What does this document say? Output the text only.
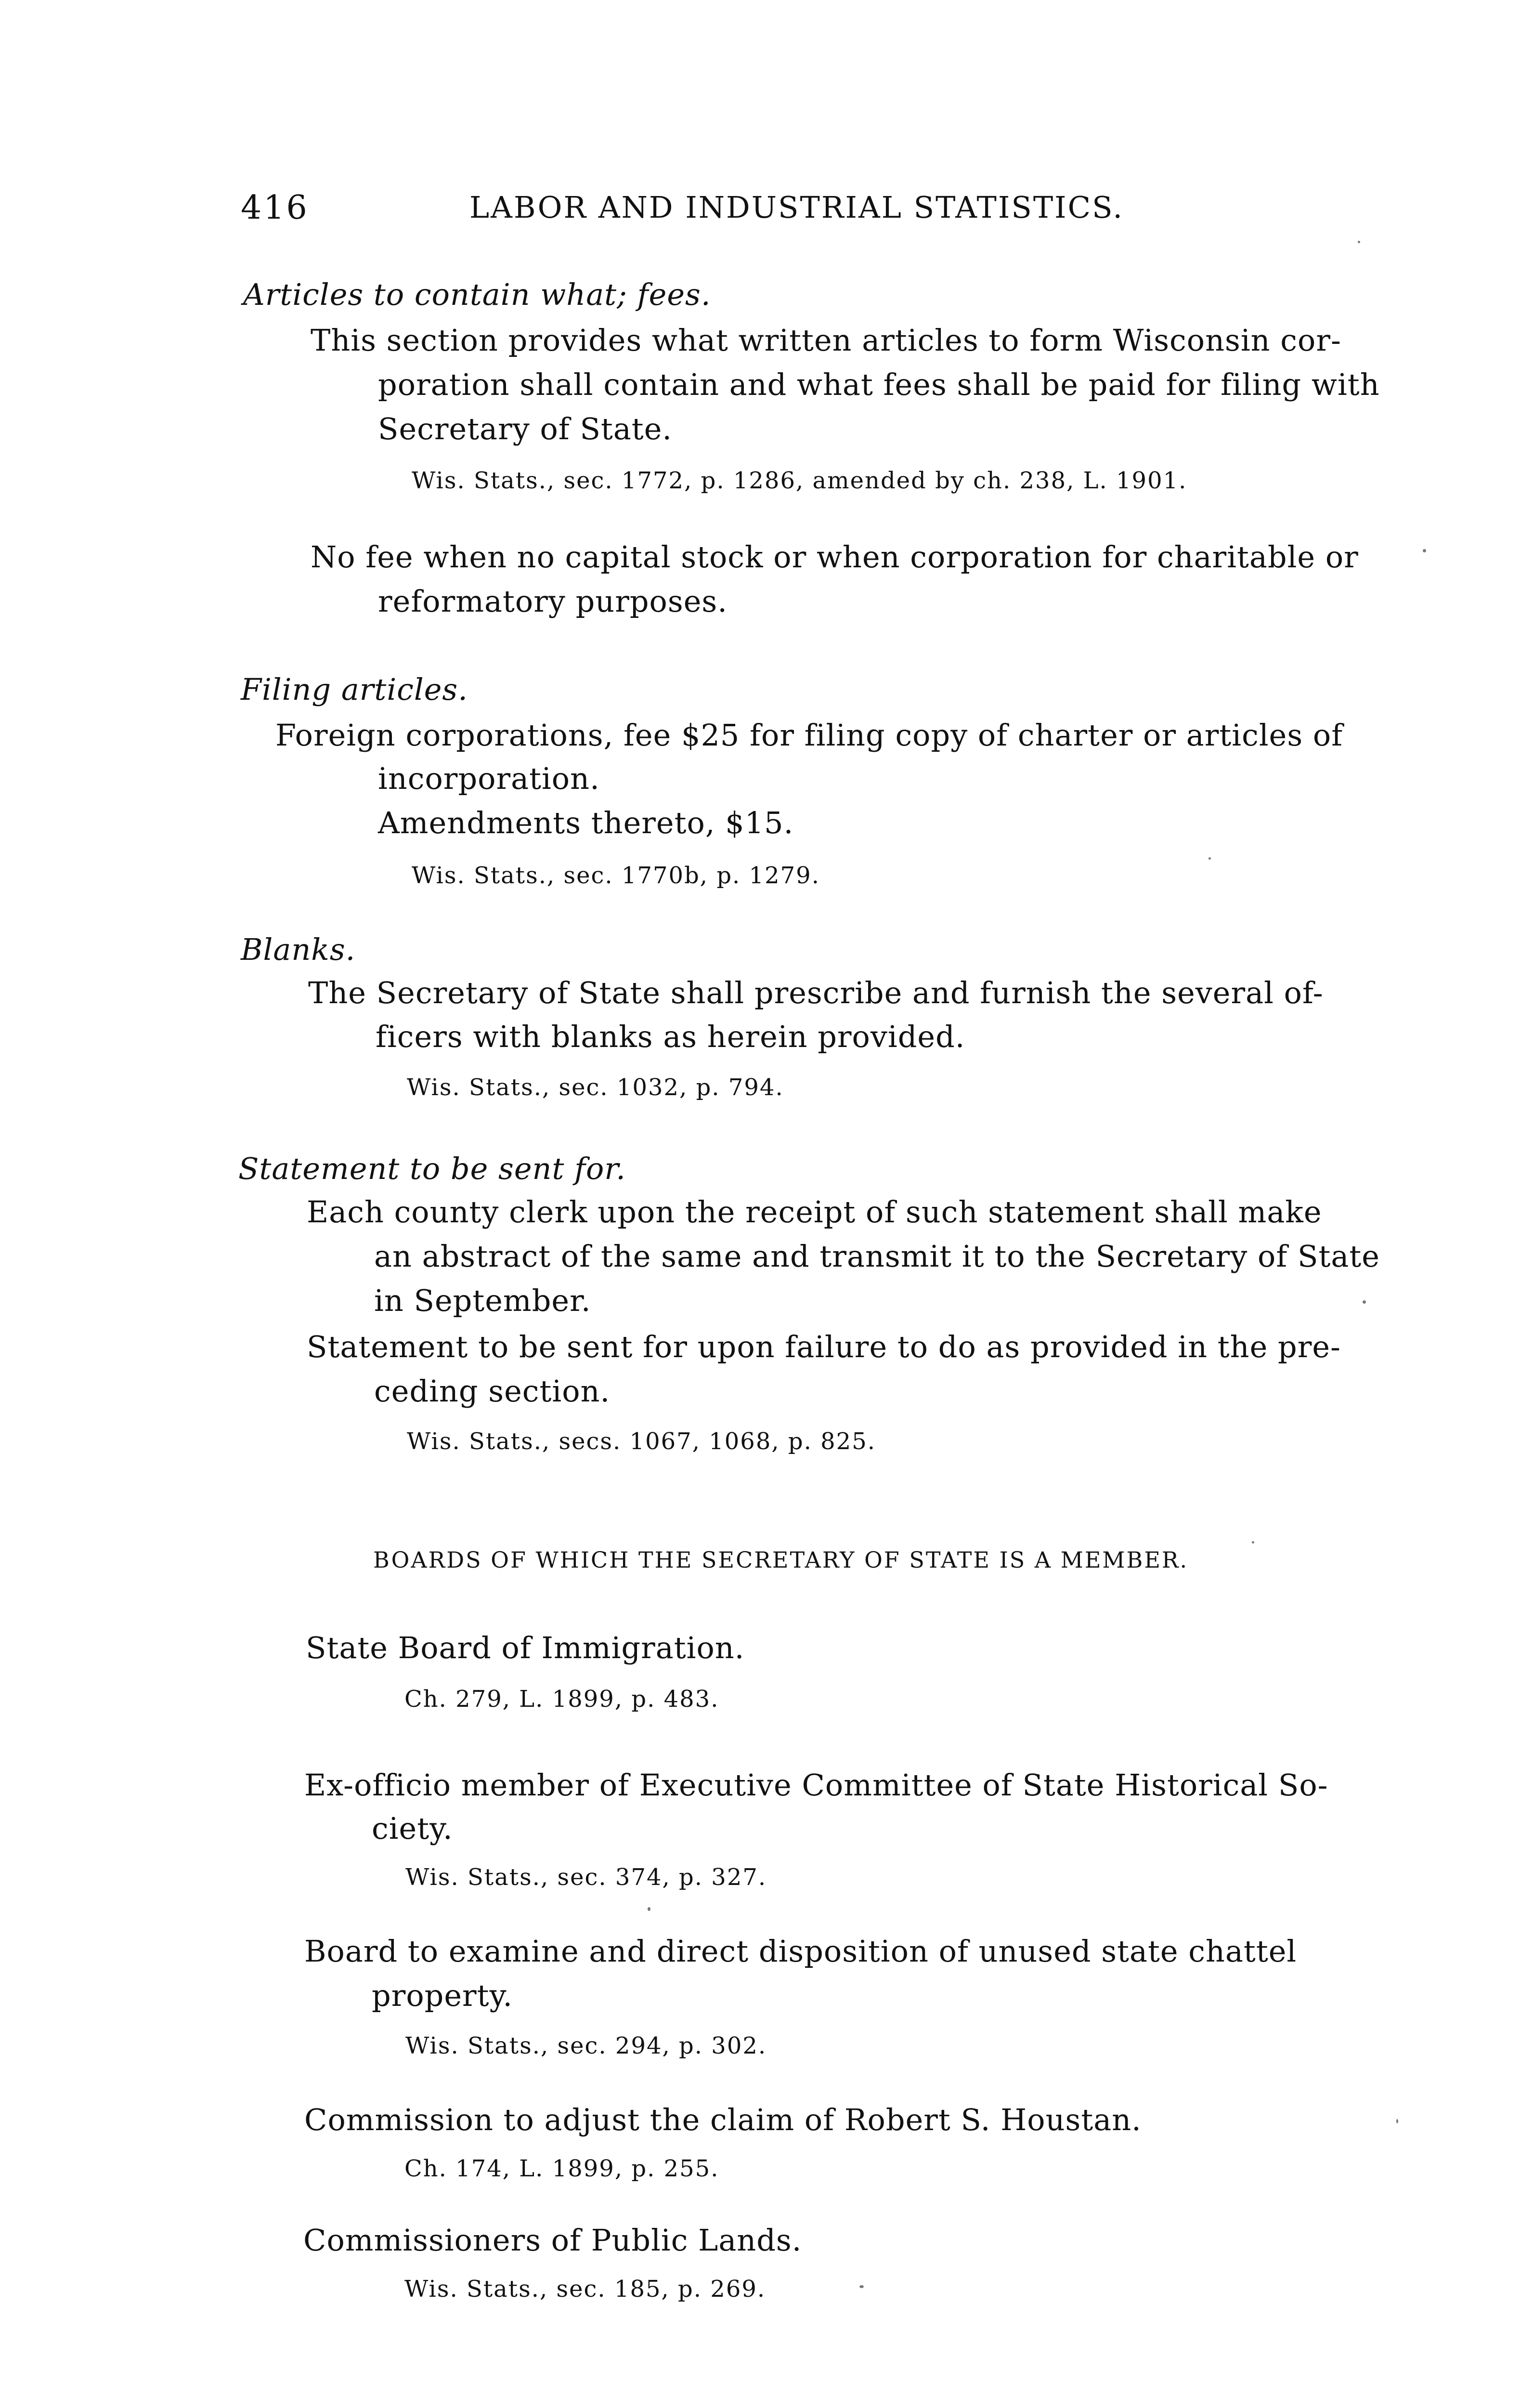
416	LABOR AND INDUSTRIAL STATISTICS.
Articles to contain what; fees.
This section provides what written articles to form Wisconsin cor-
poration shall contain and what fees shall be paid for filing with
Secretary of State.
Wis. Stats., sec. 1772, p. 1286, amended by ch. 238, L. 1901.
No fee when no capital stock or when corporation for charitable or
reformatory purposes.
Filing articles.
Foreign corporations, fee $25 for filing copy of charter or articles of
incorporation.
Amendments thereto, $15.
Wis. Stats., sec. 1770b, p. 1279.
Blanks.
The Secretary of State shall prescribe and furnish the several of-
ficers with blanks as herein provided.
Wis. Stats., sec. 1032, p. 794.
Statement to be sent for.
Each county clerk upon the receipt of such statement shall make
an abstract of the same and transmit it to the Secretary of State
in September.
Statement to be sent for upon failure to do as provided in the pre-
ceding section.
Wis. Stats., secs. 1067, 1068, p. 825.
BOARDS OF WHICH THE SECRETARY OF STATE IS A MEMBER.
State Board of Immigration.
Ch. 279, L. 1899, p. 483.
Ex-officio member of Executive Committee of State Historical So-
ciety.
Wis. Stats., sec. 374, p. 327.
Board to examine and direct disposition of unused state chattel
property.
Wis. Stats., sec. 294, p. 302.
Commission to adjust the claim of Robert S. Houstan.
Ch. 174, L. 1899, p. 255.
Commissioners of Public Lands.
Wis. Stats., sec. 185, p. 269.
